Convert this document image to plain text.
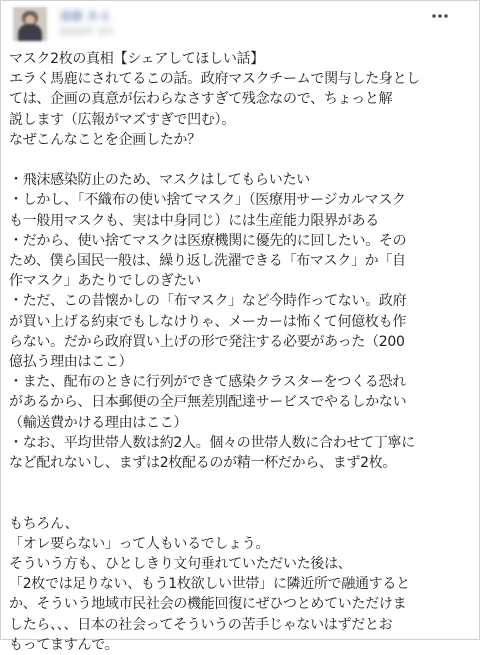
遠藤 ある
2020年 3月

マスク2枚の真相【シェアしてほしい話】

エラく馬鹿にされてるこの話。政府マスクチームで関与した身とし

ては、企画の真意が伝わらなさすぎて残念なので、ちょっと解

説します（広報がマズすぎで凹む）。

なぜこんなことを企画したか？

・飛沫感染防止のため、マスクはしてもらいたい

・しかし、「不織布の使い捨てマスク」（医療用サージカルマスク

も一般用マスクも、実は中身同じ）には生産能力限界がある

・だから、使い捨てマスクは医療機関に優先的に回したい。その

ため、僕ら国民一般は、繰り返し洗濯できる「布マスク」か「自

作マスク」あたりでしのぎたい

・ただ、この昔懐かしの「布マスク」など今時作ってない。政府

が買い上げる約束でもしなけりゃ、メーカーは怖くて何億枚も作

らない。だから政府買い上げの形で発注する必要があった（200

億払う理由はここ）

・また、配布のときに行列ができて感染クラスターをつくる恐れ

があるから、日本郵便の全戸無差別配達サービスでやるしかない

（輸送費かける理由はここ）

・なお、平均世帯人数は約2人。個々の世帯人数に合わせて丁寧に

など配れないし、まずは2枚配るのが精一杯だから、まず2枚。

もちろん、

「オレ要らない」って人もいるでしょう。

そういう方も、ひとしきり文句垂れていただいた後は、

「2枚では足りない、もう1枚欲しい世帯」に隣近所で融通すると

か、そういう地域市民社会の機能回復にぜひつとめていただけま

したら、、、日本の社会ってそういうの苦手じゃないはずだとお

もってますんで。
